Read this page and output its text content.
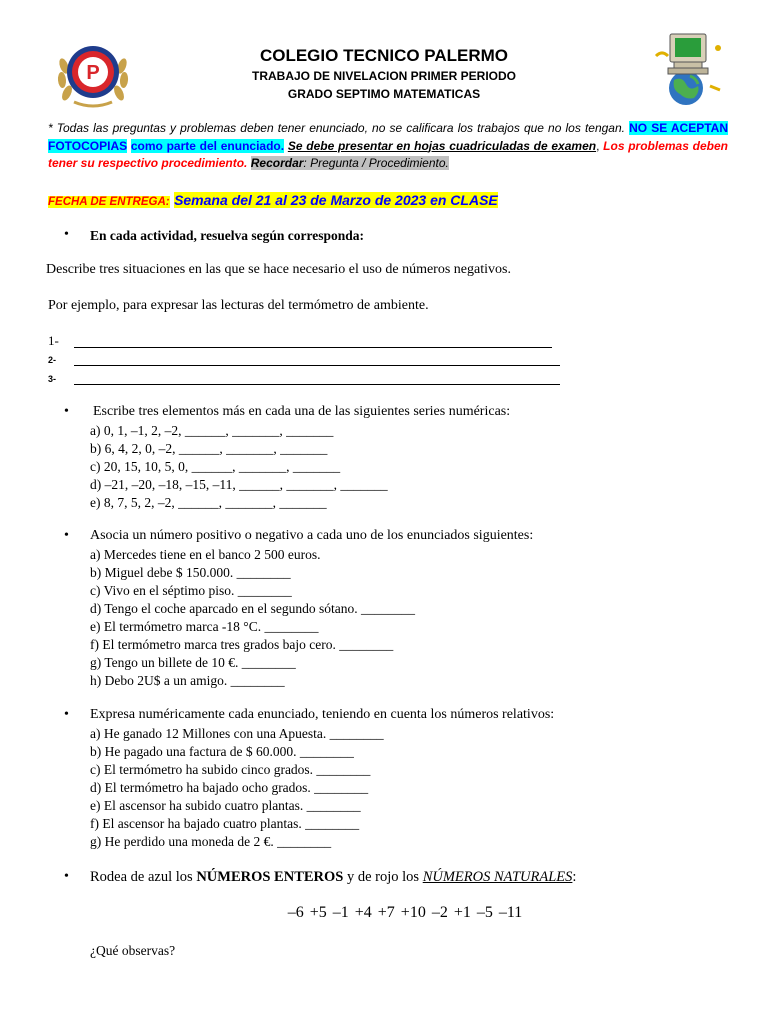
P
COLEGIO TECNICO PALERMO
TRABAJO DE NIVELACION PRIMER PERIODO
GRADO SEPTIMO MATEMATICAS
* Todas las preguntas y problemas deben tener enunciado, no se calificara los trabajos que no los tengan. NO SE ACEPTAN FOTOCOPIAS como parte del enunciado. Se debe presentar en hojas cuadriculadas de examen, Los problemas deben tener su respectivo procedimiento. Recordar: Pregunta / Procedimiento.
FECHA DE ENTREGA: Semana del 21 al 23 de Marzo de 2023 en CLASE
• En cada actividad, resuelva según corresponda:
Describe tres situaciones en las que se hace necesario el uso de números negativos.
Por ejemplo, para expresar las lecturas del termómetro de ambiente.
1-
2-
3-
• Escribe tres elementos más en cada una de las siguientes series numéricas:
a) 0, 1, –1, 2, –2, ______, _______, _______
b) 6, 4, 2, 0, –2, ______, _______, _______
c) 20, 15, 10, 5, 0, ______, _______, _______
d) –21, –20, –18, –15, –11, ______, _______, _______
e) 8, 7, 5, 2, –2, ______, _______, _______
• Asocia un número positivo o negativo a cada uno de los enunciados siguientes:
a) Mercedes tiene en el banco 2 500 euros.
b) Miguel debe $ 150.000. ________
c) Vivo en el séptimo piso. ________
d) Tengo el coche aparcado en el segundo sótano. ________
e) El termómetro marca -18 °C. ________
f) El termómetro marca tres grados bajo cero. ________
g) Tengo un billete de 10 €. ________
h) Debo 2U$ a un amigo. ________
• Expresa numéricamente cada enunciado, teniendo en cuenta los números relativos:
a) He ganado 12 Millones con una Apuesta. ________
b) He pagado una factura de $ 60.000. ________
c) El termómetro ha subido cinco grados. ________
d) El termómetro ha bajado ocho grados. ________
e) El ascensor ha subido cuatro plantas. ________
f) El ascensor ha bajado cuatro plantas. ________
g) He perdido una moneda de 2 €. ________
• Rodea de azul los NÚMEROS ENTEROS y de rojo los NÚMEROS NATURALES:
–6 +5 –1 +4 +7 +10 –2 +1 –5 –11
¿Qué observas?
